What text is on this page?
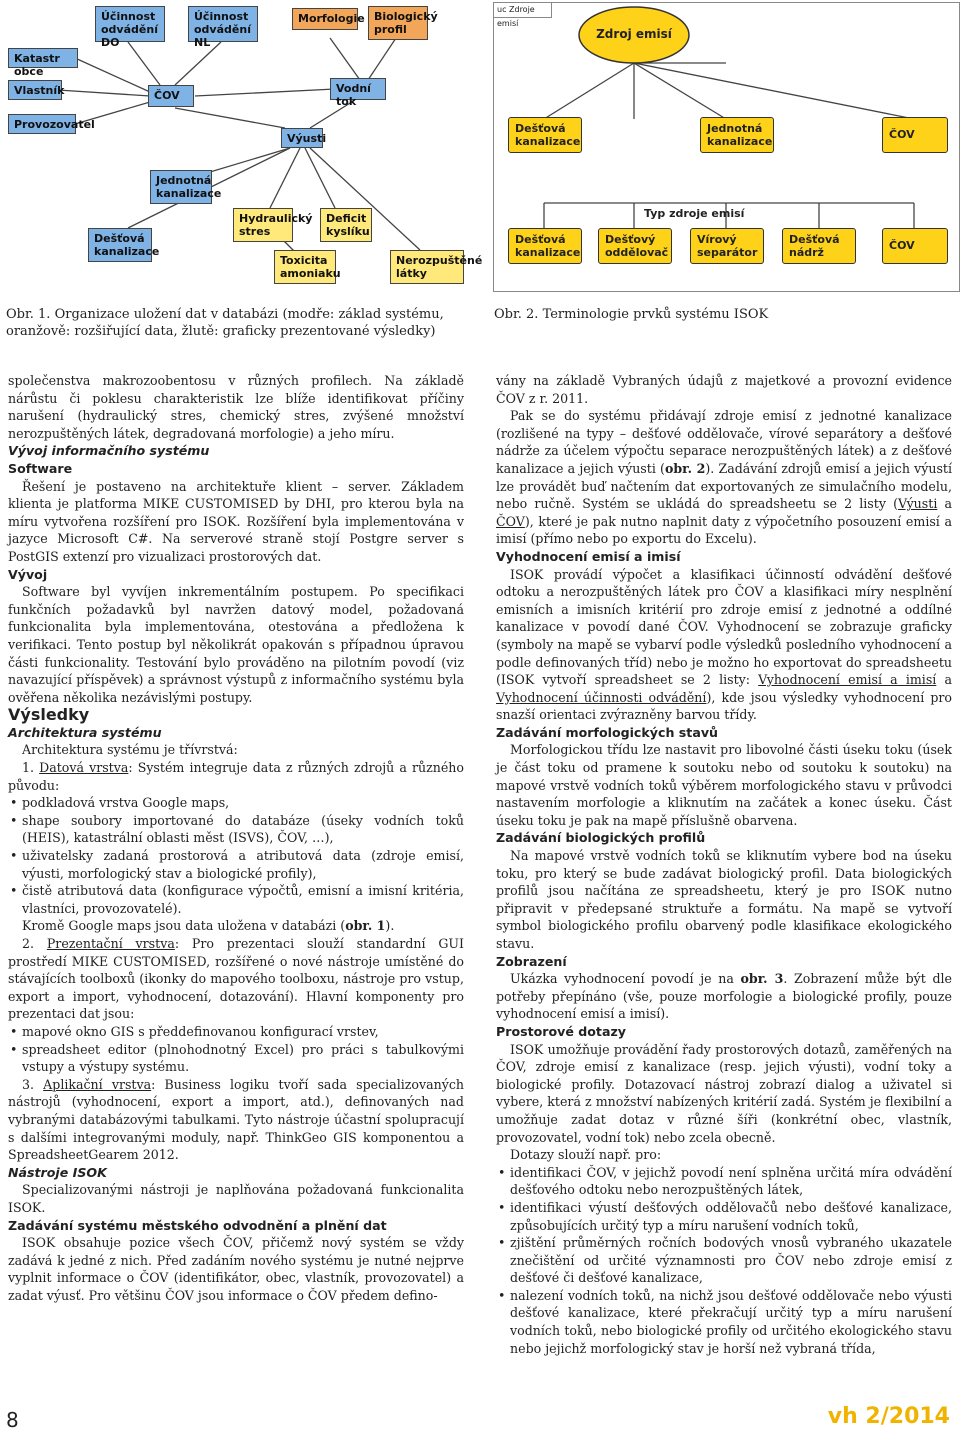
Účinnost odvádění DO
Účinnost odvádění NL
Morfologie Biologický profil
Katastr obce
Vlastník	ČOV
Vodní tok
Provozovatel
Výusti
Jednotná kanalizace
Hydraulický stres
Deficit kyslíku
Dešťová kanalizace
Toxicita amoniaku
Nerozpuštěné látky
Obr. 1. Organizace uložení dat v databázi (modře: základ systému, oranžově: rozšiřující data, žlutě: graficky prezentované výsledky)
uc Zdroje emisí
Zdroj emisí
Dešťová kanalizace
Jednotná kanalizace
ČOV
Typ zdroje emisí
Dešťová kanalizace
Dešťový oddělovač
Vírový separátor
Dešťová nádrž
ČOV
Obr. 2. Terminologie prvků systému ISOK

společenstva makrozoobentosu v různých profilech. Na základě nárůstu či poklesu charakteristik lze blíže identifikovat příčiny narušení (hydraulický stres, chemický stres, zvýšené množství nerozpuštěných látek, degradovaná morfologie) a jeho míru.

Vývoj informačního systému

Software

Řešení je postaveno na architektuře klient – server. Základem klienta je platforma MIKE CUSTOMISED by DHI, pro kterou byla na míru vytvořena rozšíření pro ISOK. Rozšíření byla implementována v jazyce Microsoft C#. Na serverové straně stojí Postgre server s PostGIS extenzí pro vizualizaci prostorových dat.

Vývoj

Software byl vyvíjen inkrementálním postupem. Po specifikaci funkčních požadavků byl navržen datový model, požadovaná funkcionalita byla implementována, otestována a předložena k verifikaci. Tento postup byl několikrát opakován s případnou úpravou části funkcionality. Testování bylo prováděno na pilotním povodí (viz navazující příspěvek) a správnost výstupů z informačního systému byla ověřena několika nezávislými postupy.

Výsledky

Architektura systému

Architektura systému je třívrstvá:

1. Datová vrstva: Systém integruje data z různých zdrojů a různého původu:

• podkladová vrstva Google maps,
• shape soubory importované do databáze (úseky vodních toků (HEIS), katastrální oblasti měst (ISVS), ČOV, …),
• uživatelsky zadaná prostorová a atributová data (zdroje emisí, výusti, morfologický stav a biologické profily),
• čistě atributová data (konfigurace výpočtů, emisní a imisní kritéria, vlastníci, provozovatelé).

Kromě Google maps jsou data uložena v databázi (obr. 1).

2. Prezentační vrstva: Pro prezentaci slouží standardní GUI prostředí MIKE CUSTOMISED, rozšířené o nové nástroje umístěné do stávajících toolboxů (ikonky do mapového toolboxu, nástroje pro vstup, export a import, vyhodnocení, dotazování). Hlavní komponenty pro prezentaci dat jsou:

• mapové okno GIS s předdefinovanou konfigurací vrstev,
• spreadsheet editor (plnohodnotný Excel) pro práci s tabulkovými vstupy a výstupy systému.

3. Aplikační vrstva: Business logiku tvoří sada specializovaných nástrojů (vyhodnocení, export a import, atd.), definovaných nad vybranými databázovými tabulkami. Tyto nástroje účastní spolupracují s dalšími integrovanými moduly, např. ThinkGeo GIS komponentou a SpreadsheetGearem 2012.

Nástroje ISOK

Specializovanými nástroji je naplňována požadovaná funkcionalita ISOK.

Zadávání systému městského odvodnění a plnění dat

ISOK obsahuje pozice všech ČOV, přičemž nový systém se vždy zadává k jedné z nich. Před zadáním nového systému je nutné nejprve vyplnit informace o ČOV (identifikátor, obec, vlastník, provozovatel) a zadat výusť. Pro většinu ČOV jsou informace o ČOV předem defino-

vány na základě Vybraných údajů z majetkové a provozní evidence ČOV z r. 2011.

Pak se do systému přidávají zdroje emisí z jednotné kanalizace (rozlišené na typy – dešťové oddělovače, vírové separátory a dešťové nádrže za účelem výpočtu separace nerozpuštěných látek) a z dešťové kanalizace a jejich výusti (obr. 2). Zadávání zdrojů emisí a jejich výustí lze provádět buď načtením dat exportovaných ze simulačního modelu, nebo ručně. Systém se ukládá do spreadsheetu se 2 listy (Výusti a ČOV), které je pak nutno naplnit daty z výpočetního posouzení emisí a imisí (přímo nebo po exportu do Excelu).

Vyhodnocení emisí a imisí

ISOK provádí výpočet a klasifikaci účinností odvádění dešťové odtoku a nerozpuštěných látek pro ČOV a klasifikaci míry nesplnění emisních a imisních kritérií pro zdroje emisí z jednotné a oddílné kanalizace v povodí dané ČOV. Vyhodnocení se zobrazuje graficky (symboly na mapě se vybarví podle výsledků posledního vyhodnocení a podle definovaných tříd) nebo je možno ho exportovat do spreadsheetu (ISOK vytvoří spreadsheet se 2 listy: Vyhodnocení emisí a imisí a Vyhodnocení účinnosti odvádění), kde jsou výsledky vyhodnocení pro snazší orientaci zvýrazněny barvou třídy.

Zadávání morfologických stavů

Morfologickou třídu lze nastavit pro libovolné části úseku toku (úsek je část toku od pramene k soutoku nebo od soutoku k soutoku) na mapové vrstvě vodních toků výběrem morfologického stavu v průvodci nastavením morfologie a kliknutím na začátek a konec úseku. Část úseku toku je pak na mapě příslušně obarvena.

Zadávání biologických profilů

Na mapové vrstvě vodních toků se kliknutím vybere bod na úseku toku, pro který se bude zadávat biologický profil. Data biologických profilů jsou načítána ze spreadsheetu, který je pro ISOK nutno připravit v předepsané struktuře a formátu. Na mapě se vytvoří symbol biologického profilu obarvený podle klasifikace ekologického stavu.

Zobrazení

Ukázka vyhodnocení povodí je na obr. 3. Zobrazení může být dle potřeby přepínáno (vše, pouze morfologie a biologické profily, pouze vyhodnocení emisí a imisí).

Prostorové dotazy

ISOK umožňuje provádění řady prostorových dotazů, zaměřených na ČOV, zdroje emisí z kanalizace (resp. jejich výusti), vodní toky a biologické profily. Dotazovací nástroj zobrazí dialog a uživatel si vybere, která z množství nabízených kritérií zadá. Systém je flexibilní a umožňuje zadat dotaz v různé šíři (konkrétní obec, vlastník, provozovatel, vodní tok) nebo zcela obecně.

Dotazy slouží např. pro:

• identifikaci ČOV, v jejichž povodí není splněna určitá míra odvádění dešťového odtoku nebo nerozpuštěných látek,
• identifikaci výustí dešťových oddělovačů nebo dešťové kanalizace, způsobujících určitý typ a míru narušení vodních toků,
• zjištění průměrných ročních bodových vnosů vybraného ukazatele znečištění od určité významnosti pro ČOV nebo zdroje emisí z dešťové či dešťové kanalizace,
• nalezení vodních toků, na nichž jsou dešťové oddělovače nebo výusti dešťové kanalizace, které překračují určitý typ a míru narušení vodních toků, nebo biologické profily od určitého ekologického stavu nebo jejichž morfologický stav je horší než vybraná třída,
8	vh 2/2014
